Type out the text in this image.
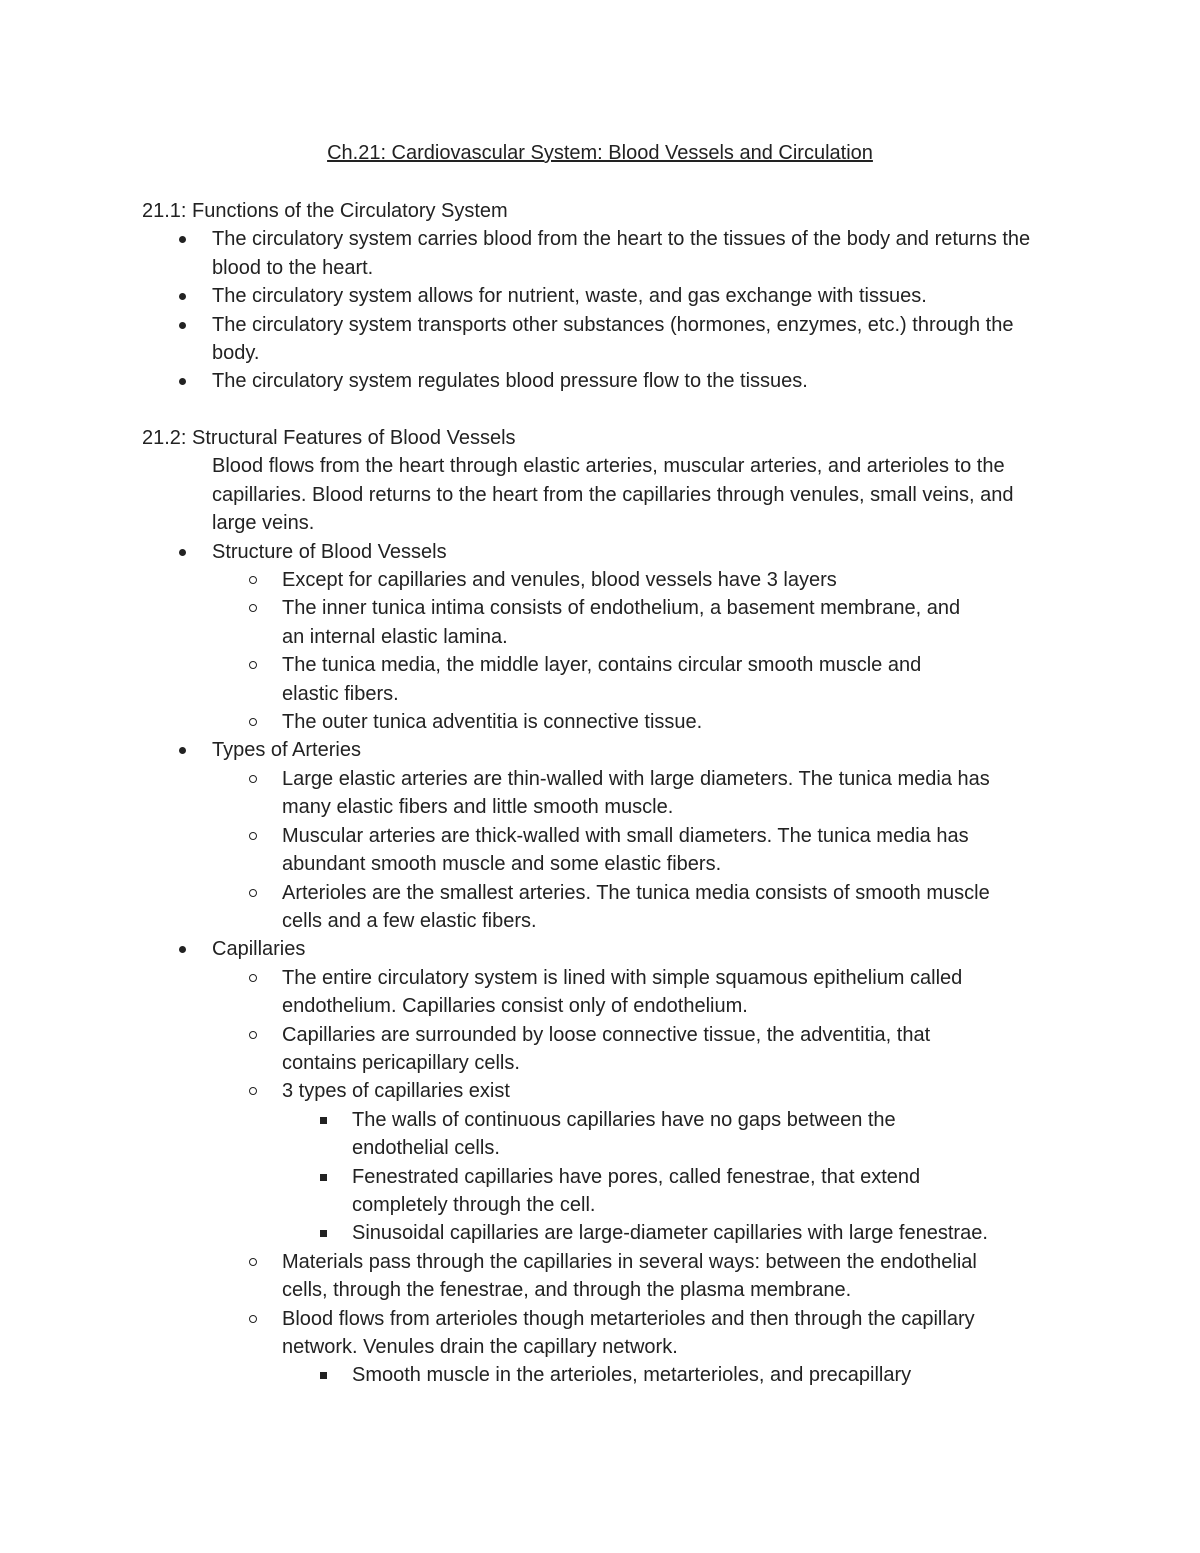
Ch.21: Cardiovascular System: Blood Vessels and Circulation
21.1: Functions of the Circulatory System
The circulatory system carries blood from the heart to the tissues of the body and returns the blood to the heart.
The circulatory system allows for nutrient, waste, and gas exchange with tissues.
The circulatory system transports other substances (hormones, enzymes, etc.) through the body.
The circulatory system regulates blood pressure flow to the tissues.
21.2: Structural Features of Blood Vessels
Blood flows from the heart through elastic arteries, muscular arteries, and arterioles to the capillaries. Blood returns to the heart from the capillaries through venules, small veins, and large veins.
Structure of Blood Vessels
Except for capillaries and venules, blood vessels have 3 layers
The inner tunica intima consists of endothelium, a basement membrane, and an internal elastic lamina.
The tunica media, the middle layer, contains circular smooth muscle and elastic fibers.
The outer tunica adventitia is connective tissue.
Types of Arteries
Large elastic arteries are thin-walled with large diameters. The tunica media has many elastic fibers and little smooth muscle.
Muscular arteries are thick-walled with small diameters. The tunica media has abundant smooth muscle and some elastic fibers.
Arterioles are the smallest arteries. The tunica media consists of smooth muscle cells and a few elastic fibers.
Capillaries
The entire circulatory system is lined with simple squamous epithelium called endothelium. Capillaries consist only of endothelium.
Capillaries are surrounded by loose connective tissue, the adventitia, that contains pericapillary cells.
3 types of capillaries exist
The walls of continuous capillaries have no gaps between the endothelial cells.
Fenestrated capillaries have pores, called fenestrae, that extend completely through the cell.
Sinusoidal capillaries are large-diameter capillaries with large fenestrae.
Materials pass through the capillaries in several ways: between the endothelial cells, through the fenestrae, and through the plasma membrane.
Blood flows from arterioles though metarterioles and then through the capillary network. Venules drain the capillary network.
Smooth muscle in the arterioles, metarterioles, and precapillary
